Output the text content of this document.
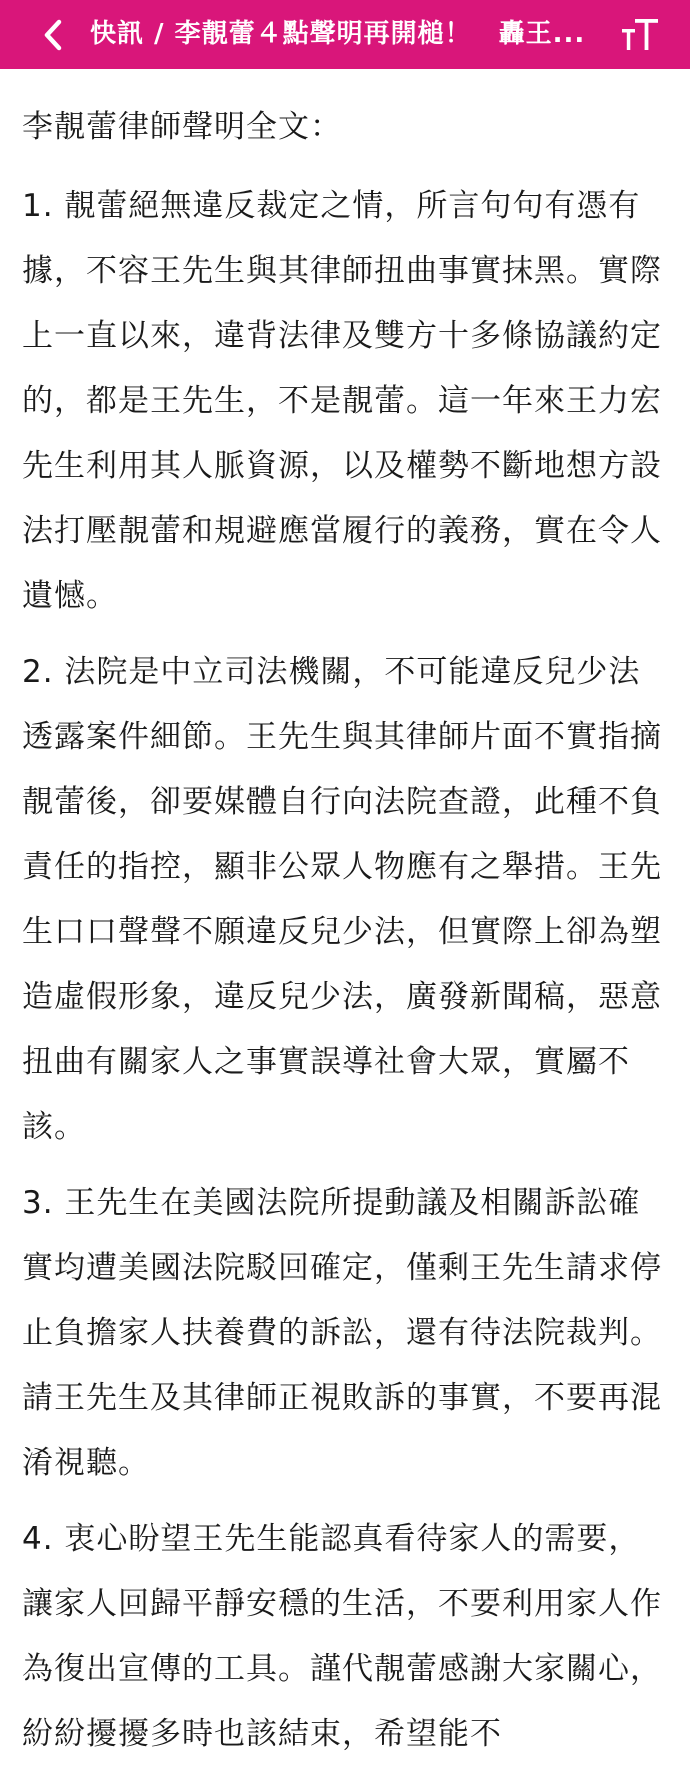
快訊 / 李靚蕾４點聲明再開槌！　轟王...

李靚蕾律師聲明全文：

1. 靚蕾絕無違反裁定之情，所言句句有憑有據，不容王先生與其律師扭曲事實抹黑。實際上一直以來，違背法律及雙方十多條協議約定的，都是王先生，不是靚蕾。這一年來王力宏先生利用其人脈資源，以及權勢不斷地想方設法打壓靚蕾和規避應當履行的義務，實在令人遺憾。

2. 法院是中立司法機關，不可能違反兒少法透露案件細節。王先生與其律師片面不實指摘靚蕾後，卻要媒體自行向法院查證，此種不負責任的指控，顯非公眾人物應有之舉措。王先生口口聲聲不願違反兒少法，但實際上卻為塑造虛假形象，違反兒少法，廣發新聞稿，惡意扭曲有關家人之事實誤導社會大眾，實屬不該。

3. 王先生在美國法院所提動議及相關訴訟確實均遭美國法院駁回確定，僅剩王先生請求停止負擔家人扶養費的訴訟，還有待法院裁判。請王先生及其律師正視敗訴的事實，不要再混淆視聽。

4. 衷心盼望王先生能認真看待家人的需要，讓家人回歸平靜安穩的生活，不要利用家人作為復出宣傳的工具。謹代靚蕾感謝大家關心，紛紛擾擾多時也該結束，希望能不
